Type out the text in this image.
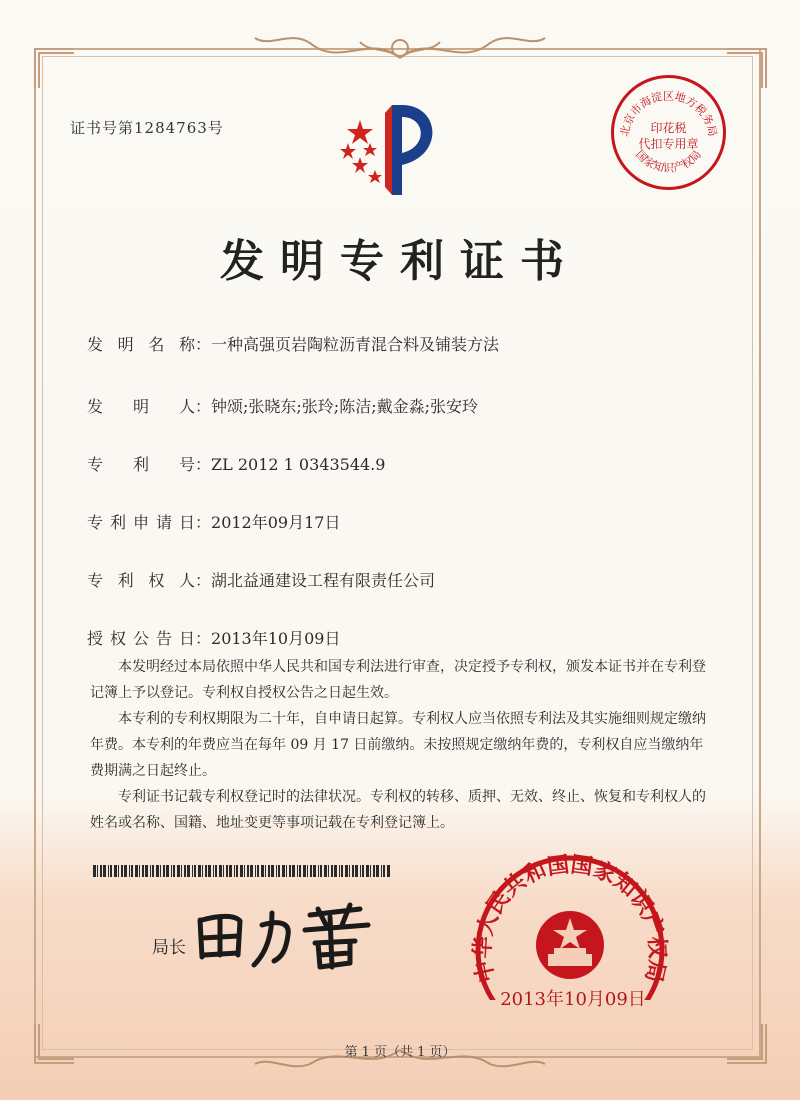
证书号第1284763号	北京市海淀区地方税务局
印花税
代扣专用章
国家知识产权局
发明专利证书
发明名称：一种高强页岩陶粒沥青混合料及铺装方法
发明人：钟颂;张晓东;张玲;陈洁;戴金淼;张安玲
专利号：ZL 2012 1 0343544.9
专利申请日：2012年09月17日
专利权人：湖北益通建设工程有限责任公司
授权公告日：2013年10月09日

本发明经过本局依照中华人民共和国专利法进行审查，决定授予专利权，颁发本证书并在专利登记簿上予以登记。专利权自授权公告之日起生效。

本专利的专利权期限为二十年，自申请日起算。专利权人应当依照专利法及其实施细则规定缴纳年费。本专利的年费应当在每年 09 月 17 日前缴纳。未按照规定缴纳年费的，专利权自应当缴纳年费期满之日起终止。

专利证书记载专利权登记时的法律状况。专利权的转移、质押、无效、终止、恢复和专利权人的姓名或名称、国籍、地址变更等事项记载在专利登记簿上。

局长
中华人民共和国国家知识产权局
2013年10月09日
第 1 页（共 1 页）
